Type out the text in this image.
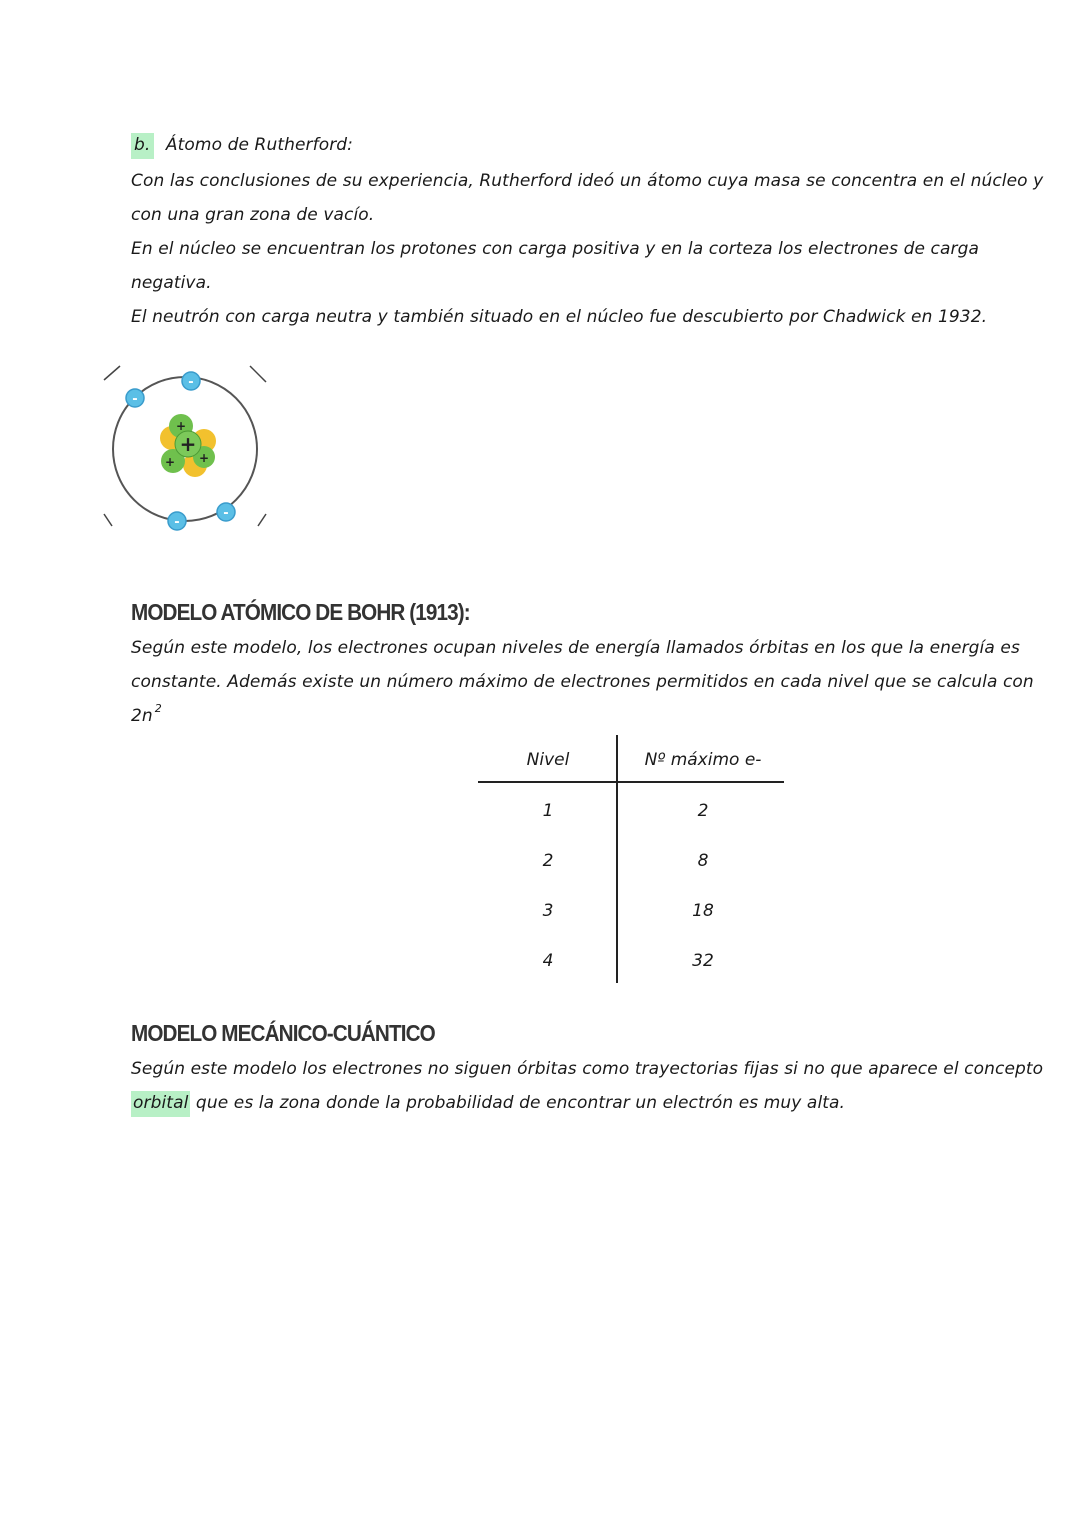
b. Átomo de Rutherford:
Con las conclusiones de su experiencia, Rutherford ideó un átomo cuya masa se concentra en el núcleo y
con una gran zona de vacío.
En el núcleo se encuentran los protones con carga positiva y en la corteza los electrones de carga
negativa.
El neutrón con carga neutra y también situado en el núcleo fue descubierto por Chadwick en 1932.
+
+
+
+
-
-
-
-
MODELO ATÓMICO DE BOHR (1913):
Según este modelo, los electrones ocupan niveles de energía llamados órbitas en los que la energía es
constante. Además existe un número máximo de electrones permitidos en cada nivel que se calcula con
2n $^2$
Nivel	Nº máximo e-
1	2
2	8
3	18
4	32
MODELO MECÁNICO-CUÁNTICO
Según este modelo los electrones no siguen órbitas como trayectorias fijas si no que aparece el concepto
orbital que es la zona donde la probabilidad de encontrar un electrón es muy alta.
